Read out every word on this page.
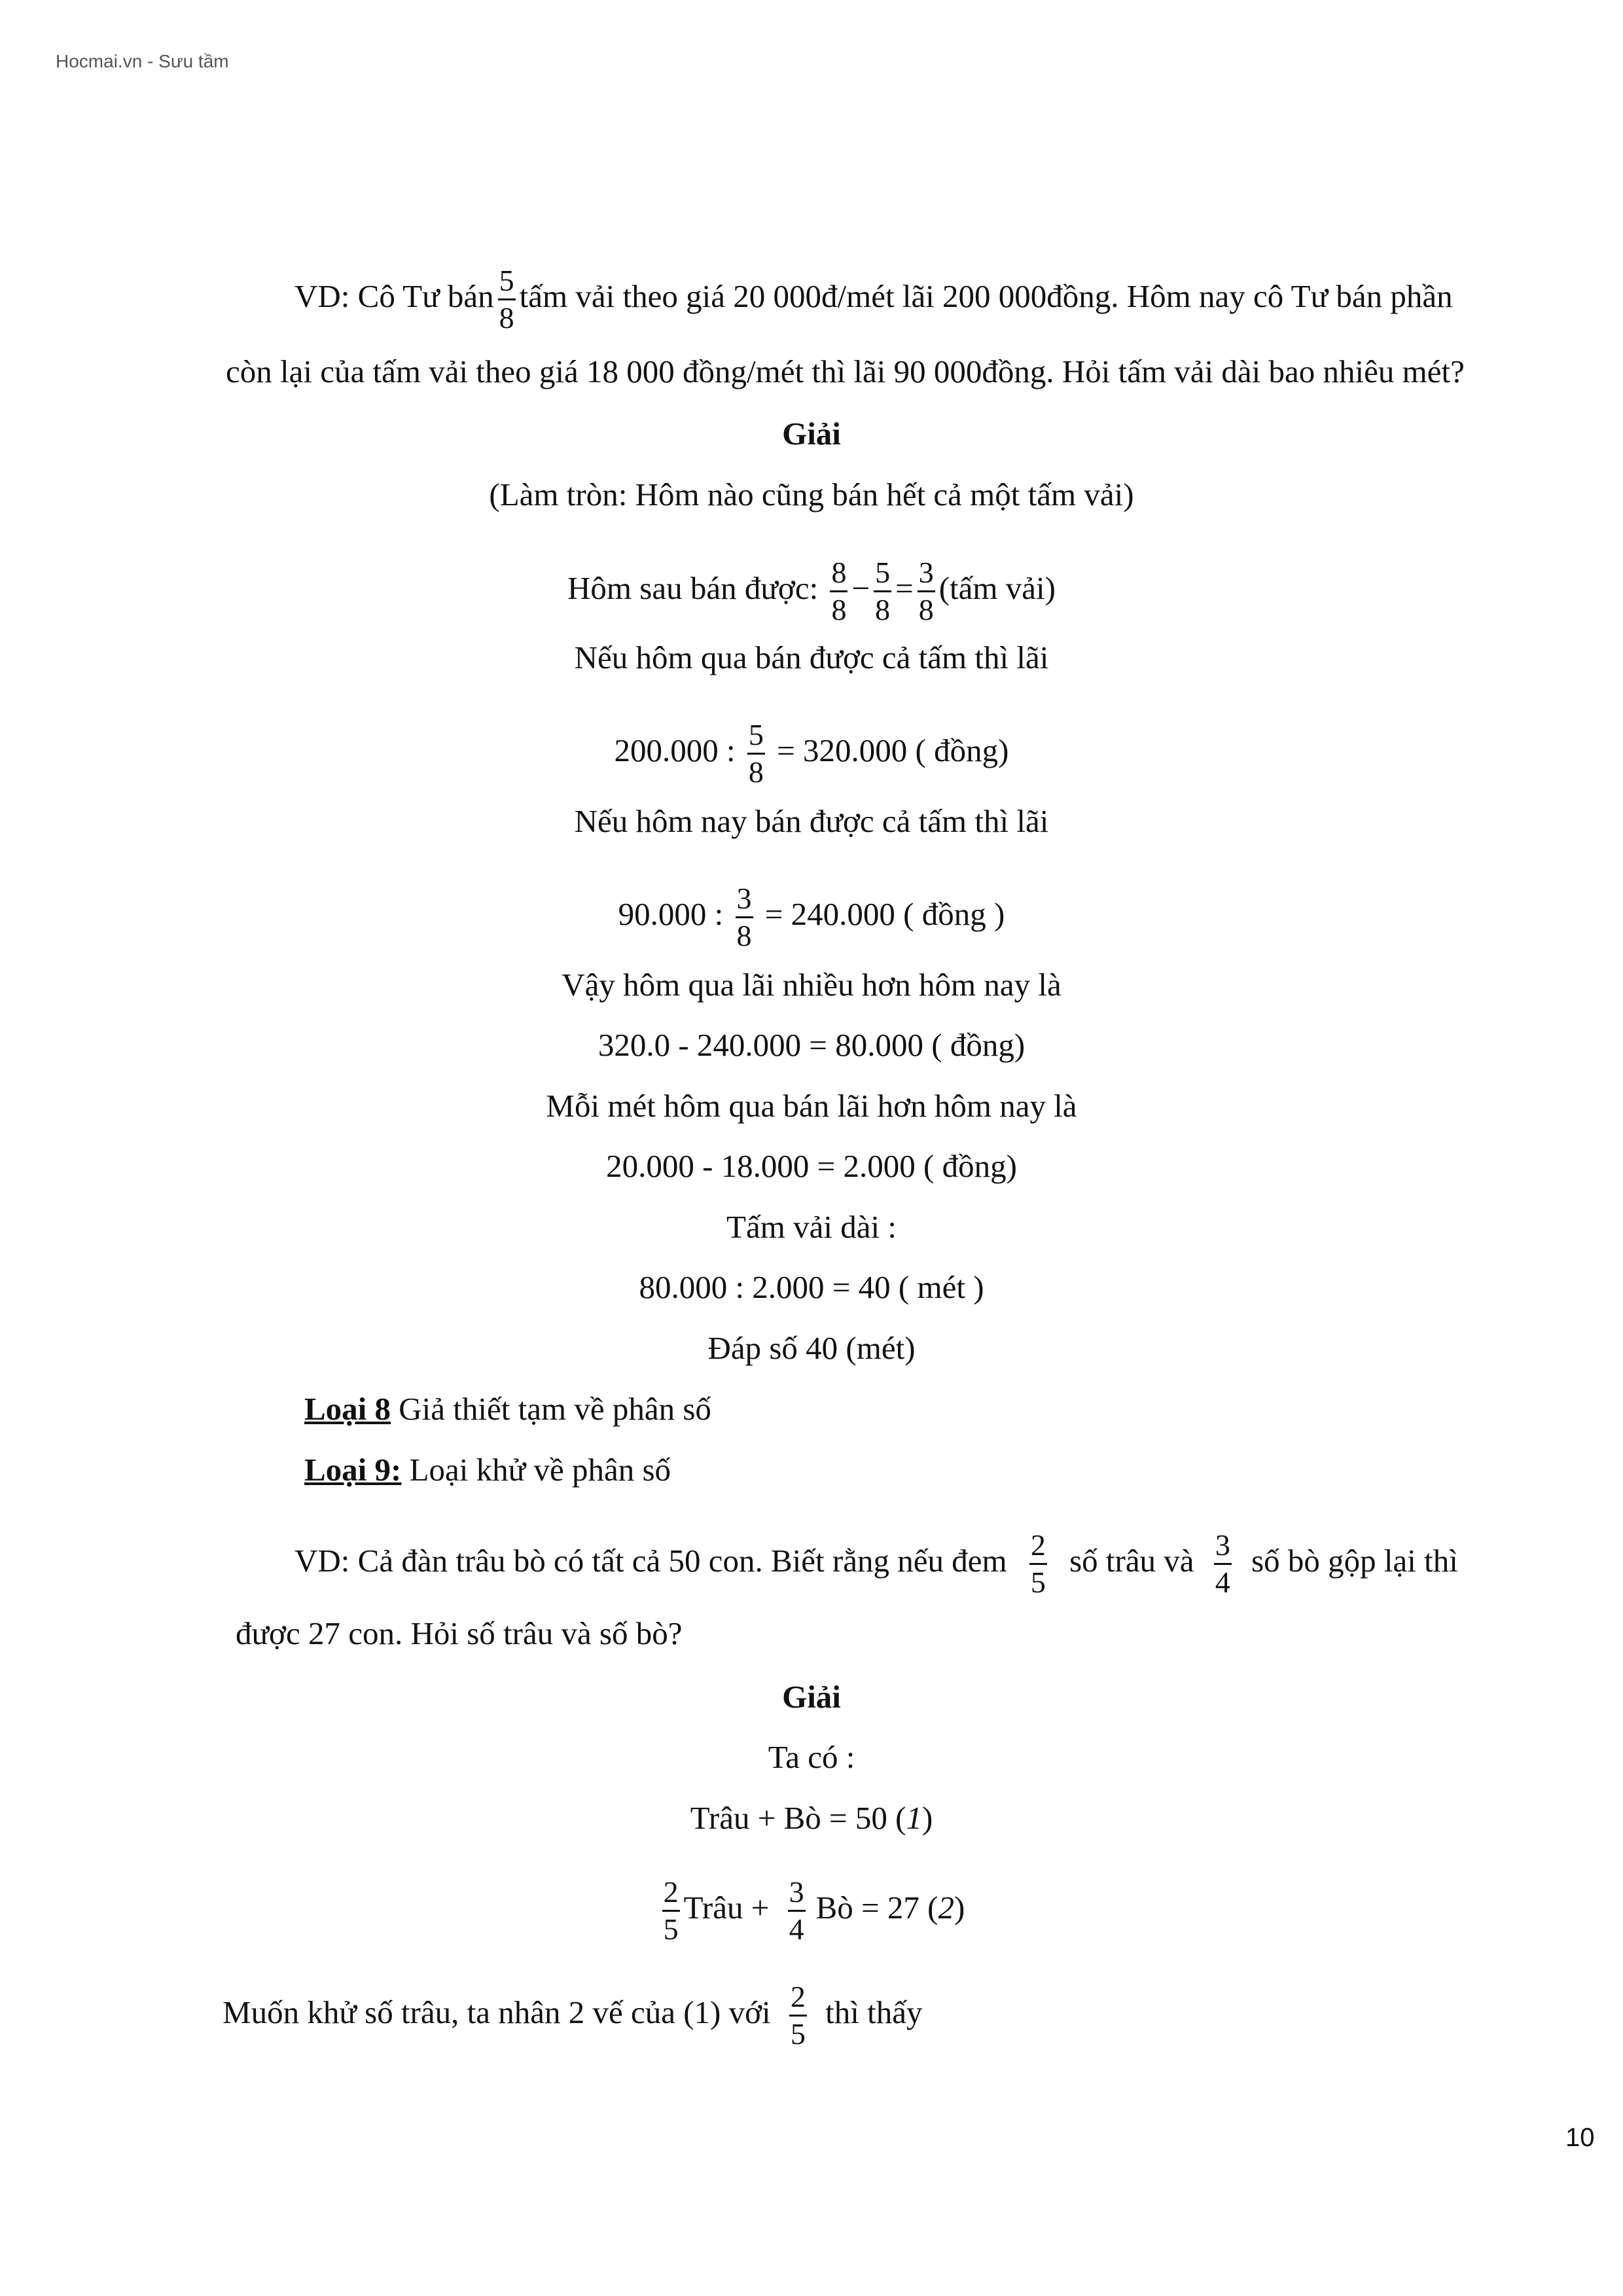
Hocmai.vn - Sưu tầm
VD: Cô Tư bán $\frac{5}{8}$ tấm vải theo giá 20 000đ/mét lãi 200 000đồng. Hôm nay cô Tư bán phần
còn lại của tấm vải theo giá 18 000 đồng/mét thì lãi 90 000đồng. Hỏi tấm vải dài bao nhiêu mét?
Giải
(Làm tròn: Hôm nào cũng bán hết cả một tấm vải)
Hôm sau bán được: $\frac{8}{8} - \frac{5}{8} = \frac{3}{8}$ (tấm vải)
Nếu hôm qua bán được cả tấm thì lãi
200.000 : $\frac{5}{8} = 320.000$ ( đồng)
Nếu hôm nay bán được cả tấm thì lãi
90.000 : $\frac{3}{8} = 240.000$ ( đồng )
Vậy hôm qua lãi nhiều hơn hôm nay là
320.0 - 240.000 = 80.000 ( đồng)
Mỗi mét hôm qua bán lãi hơn hôm nay là
20.000 - 18.000 = 2.000 ( đồng)
Tấm vải dài :
80.000 : 2.000 = 40 ( mét )
Đáp số 40 (mét)
Loại 8 Giả thiết tạm về phân số
Loại 9: Loại khử về phân số
VD: Cả đàn trâu bò có tất cả 50 con. Biết rằng nếu đem $\frac{2}{5}$ số trâu và $\frac{3}{4}$ số bò gộp lại thì
được 27 con. Hỏi số trâu và số bò?
Giải
Ta có :
Trâu + Bò = 50 (1)
$\frac{2}{5}$ Trâu + $\frac{3}{4}$ Bò = 27 (2)
Muốn khử số trâu, ta nhân 2 vế của (1) với $\frac{2}{5}$ thì thấy
10
